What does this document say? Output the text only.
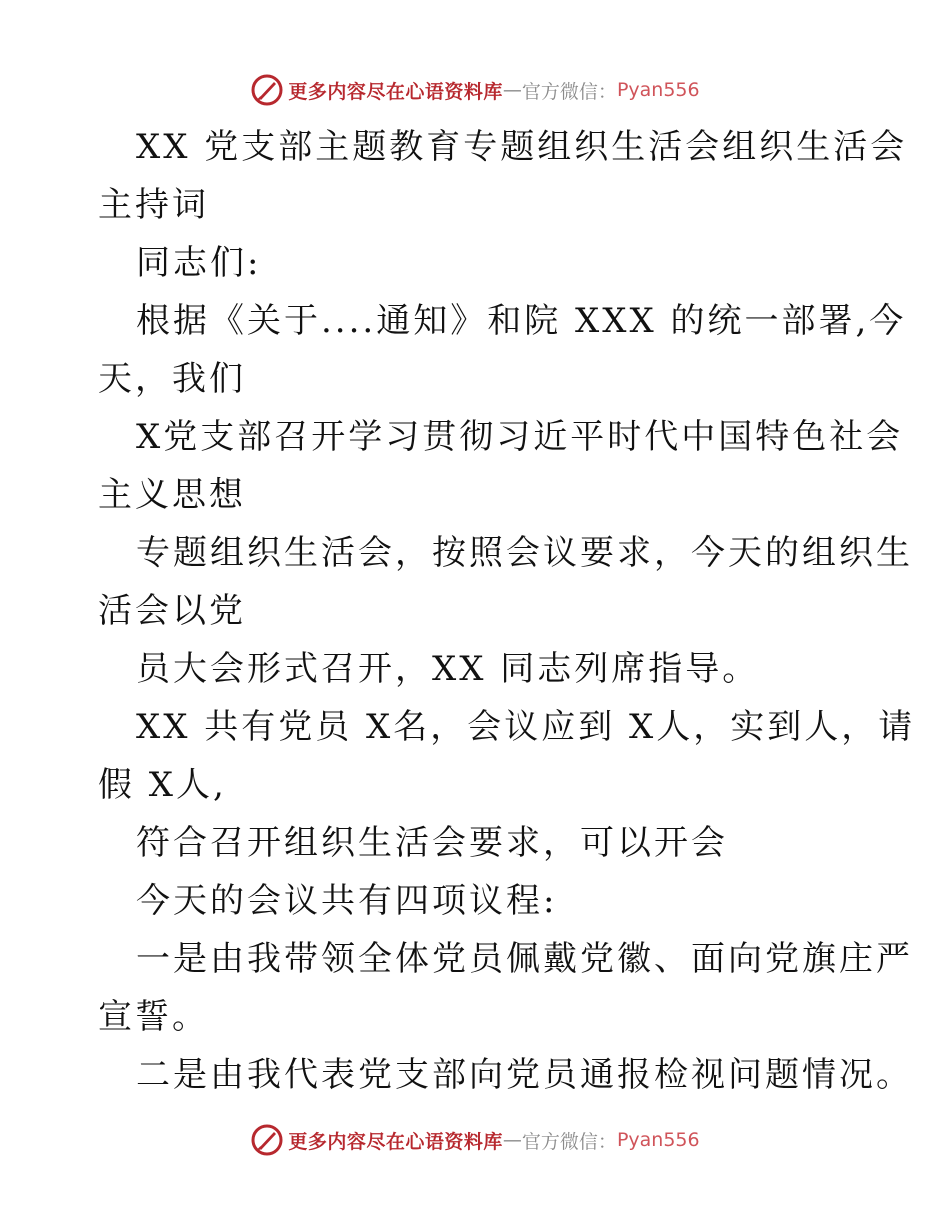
更多内容尽在心语资料库 — 官方微信： Pyan556
XX 党支部主题教育专题组织生活会组织生活会
主持词
同志们:
根据《关于....通知》和院 XXX 的统一部署,今
天，我们
X党支部召开学习贯彻习近平时代中国特色社会
主义思想
专题组织生活会，按照会议要求，今天的组织生
活会以党
员大会形式召开，XX 同志列席指导。
XX 共有党员 X名，会议应到 X人，实到人，请
假 X人,
符合召开组织生活会要求，可以开会
今天的会议共有四项议程:
一是由我带领全体党员佩戴党徽、面向党旗庄严
宣誓。
二是由我代表党支部向党员通报检视问题情况。
更多内容尽在心语资料库 — 官方微信： Pyan556
